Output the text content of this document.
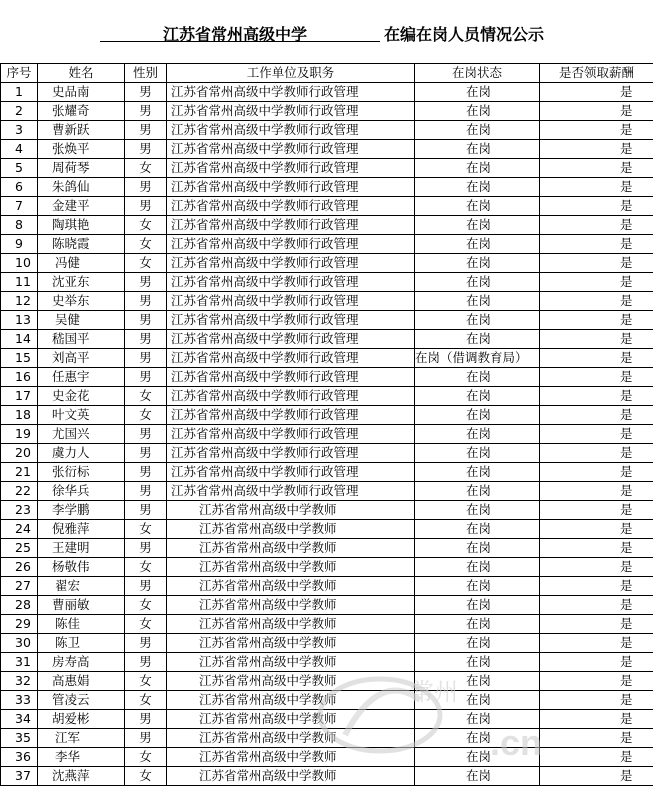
江苏省常州高级中学	在编在岗人员情况公示
序号	姓名	性别	工作单位及职务	在岗状态	是否领取薪酬
1	史品南	男	江苏省常州高级中学教师行政管理	在岗	是
2	张耀奇	男	江苏省常州高级中学教师行政管理	在岗	是
3	曹新跃	男	江苏省常州高级中学教师行政管理	在岗	是
4	张焕平	男	江苏省常州高级中学教师行政管理	在岗	是
5	周荷琴	女	江苏省常州高级中学教师行政管理	在岗	是
6	朱鸽仙	男	江苏省常州高级中学教师行政管理	在岗	是
7	金建平	男	江苏省常州高级中学教师行政管理	在岗	是
8	陶琪艳	女	江苏省常州高级中学教师行政管理	在岗	是
9	陈晓霞	女	江苏省常州高级中学教师行政管理	在岗	是
10	冯健	女	江苏省常州高级中学教师行政管理	在岗	是
11	沈亚东	男	江苏省常州高级中学教师行政管理	在岗	是
12	史举东	男	江苏省常州高级中学教师行政管理	在岗	是
13	吴健	男	江苏省常州高级中学教师行政管理	在岗	是
14	嵇国平	男	江苏省常州高级中学教师行政管理	在岗	是
15	刘高平	男	江苏省常州高级中学教师行政管理	在岗（借调教育局）	是
16	任惠宇	男	江苏省常州高级中学教师行政管理	在岗	是
17	史金花	女	江苏省常州高级中学教师行政管理	在岗	是
18	叶文英	女	江苏省常州高级中学教师行政管理	在岗	是
19	尤国兴	男	江苏省常州高级中学教师行政管理	在岗	是
20	虞力人	男	江苏省常州高级中学教师行政管理	在岗	是
21	张衍标	男	江苏省常州高级中学教师行政管理	在岗	是
22	徐华兵	男	江苏省常州高级中学教师行政管理	在岗	是
23	李学鹏	男	江苏省常州高级中学教师	在岗	是
24	倪雅萍	女	江苏省常州高级中学教师	在岗	是
25	王建明	男	江苏省常州高级中学教师	在岗	是
26	杨敬伟	女	江苏省常州高级中学教师	在岗	是
27	翟宏	男	江苏省常州高级中学教师	在岗	是
28	曹丽敏	女	江苏省常州高级中学教师	在岗	是
29	陈佳	女	江苏省常州高级中学教师	在岗	是
30	陈卫	男	江苏省常州高级中学教师	在岗	是
31	房寿高	男	江苏省常州高级中学教师	在岗	是
32	高惠娟	女	江苏省常州高级中学教师	在岗	是
33	管凌云	女	江苏省常州高级中学教师	在岗	是
34	胡爱彬	男	江苏省常州高级中学教师	在岗	是
35	江军	男	江苏省常州高级中学教师	在岗	是
36	李华	女	江苏省常州高级中学教师	在岗	是
37	沈燕萍	女	江苏省常州高级中学教师	在岗	是
常州
.cn
